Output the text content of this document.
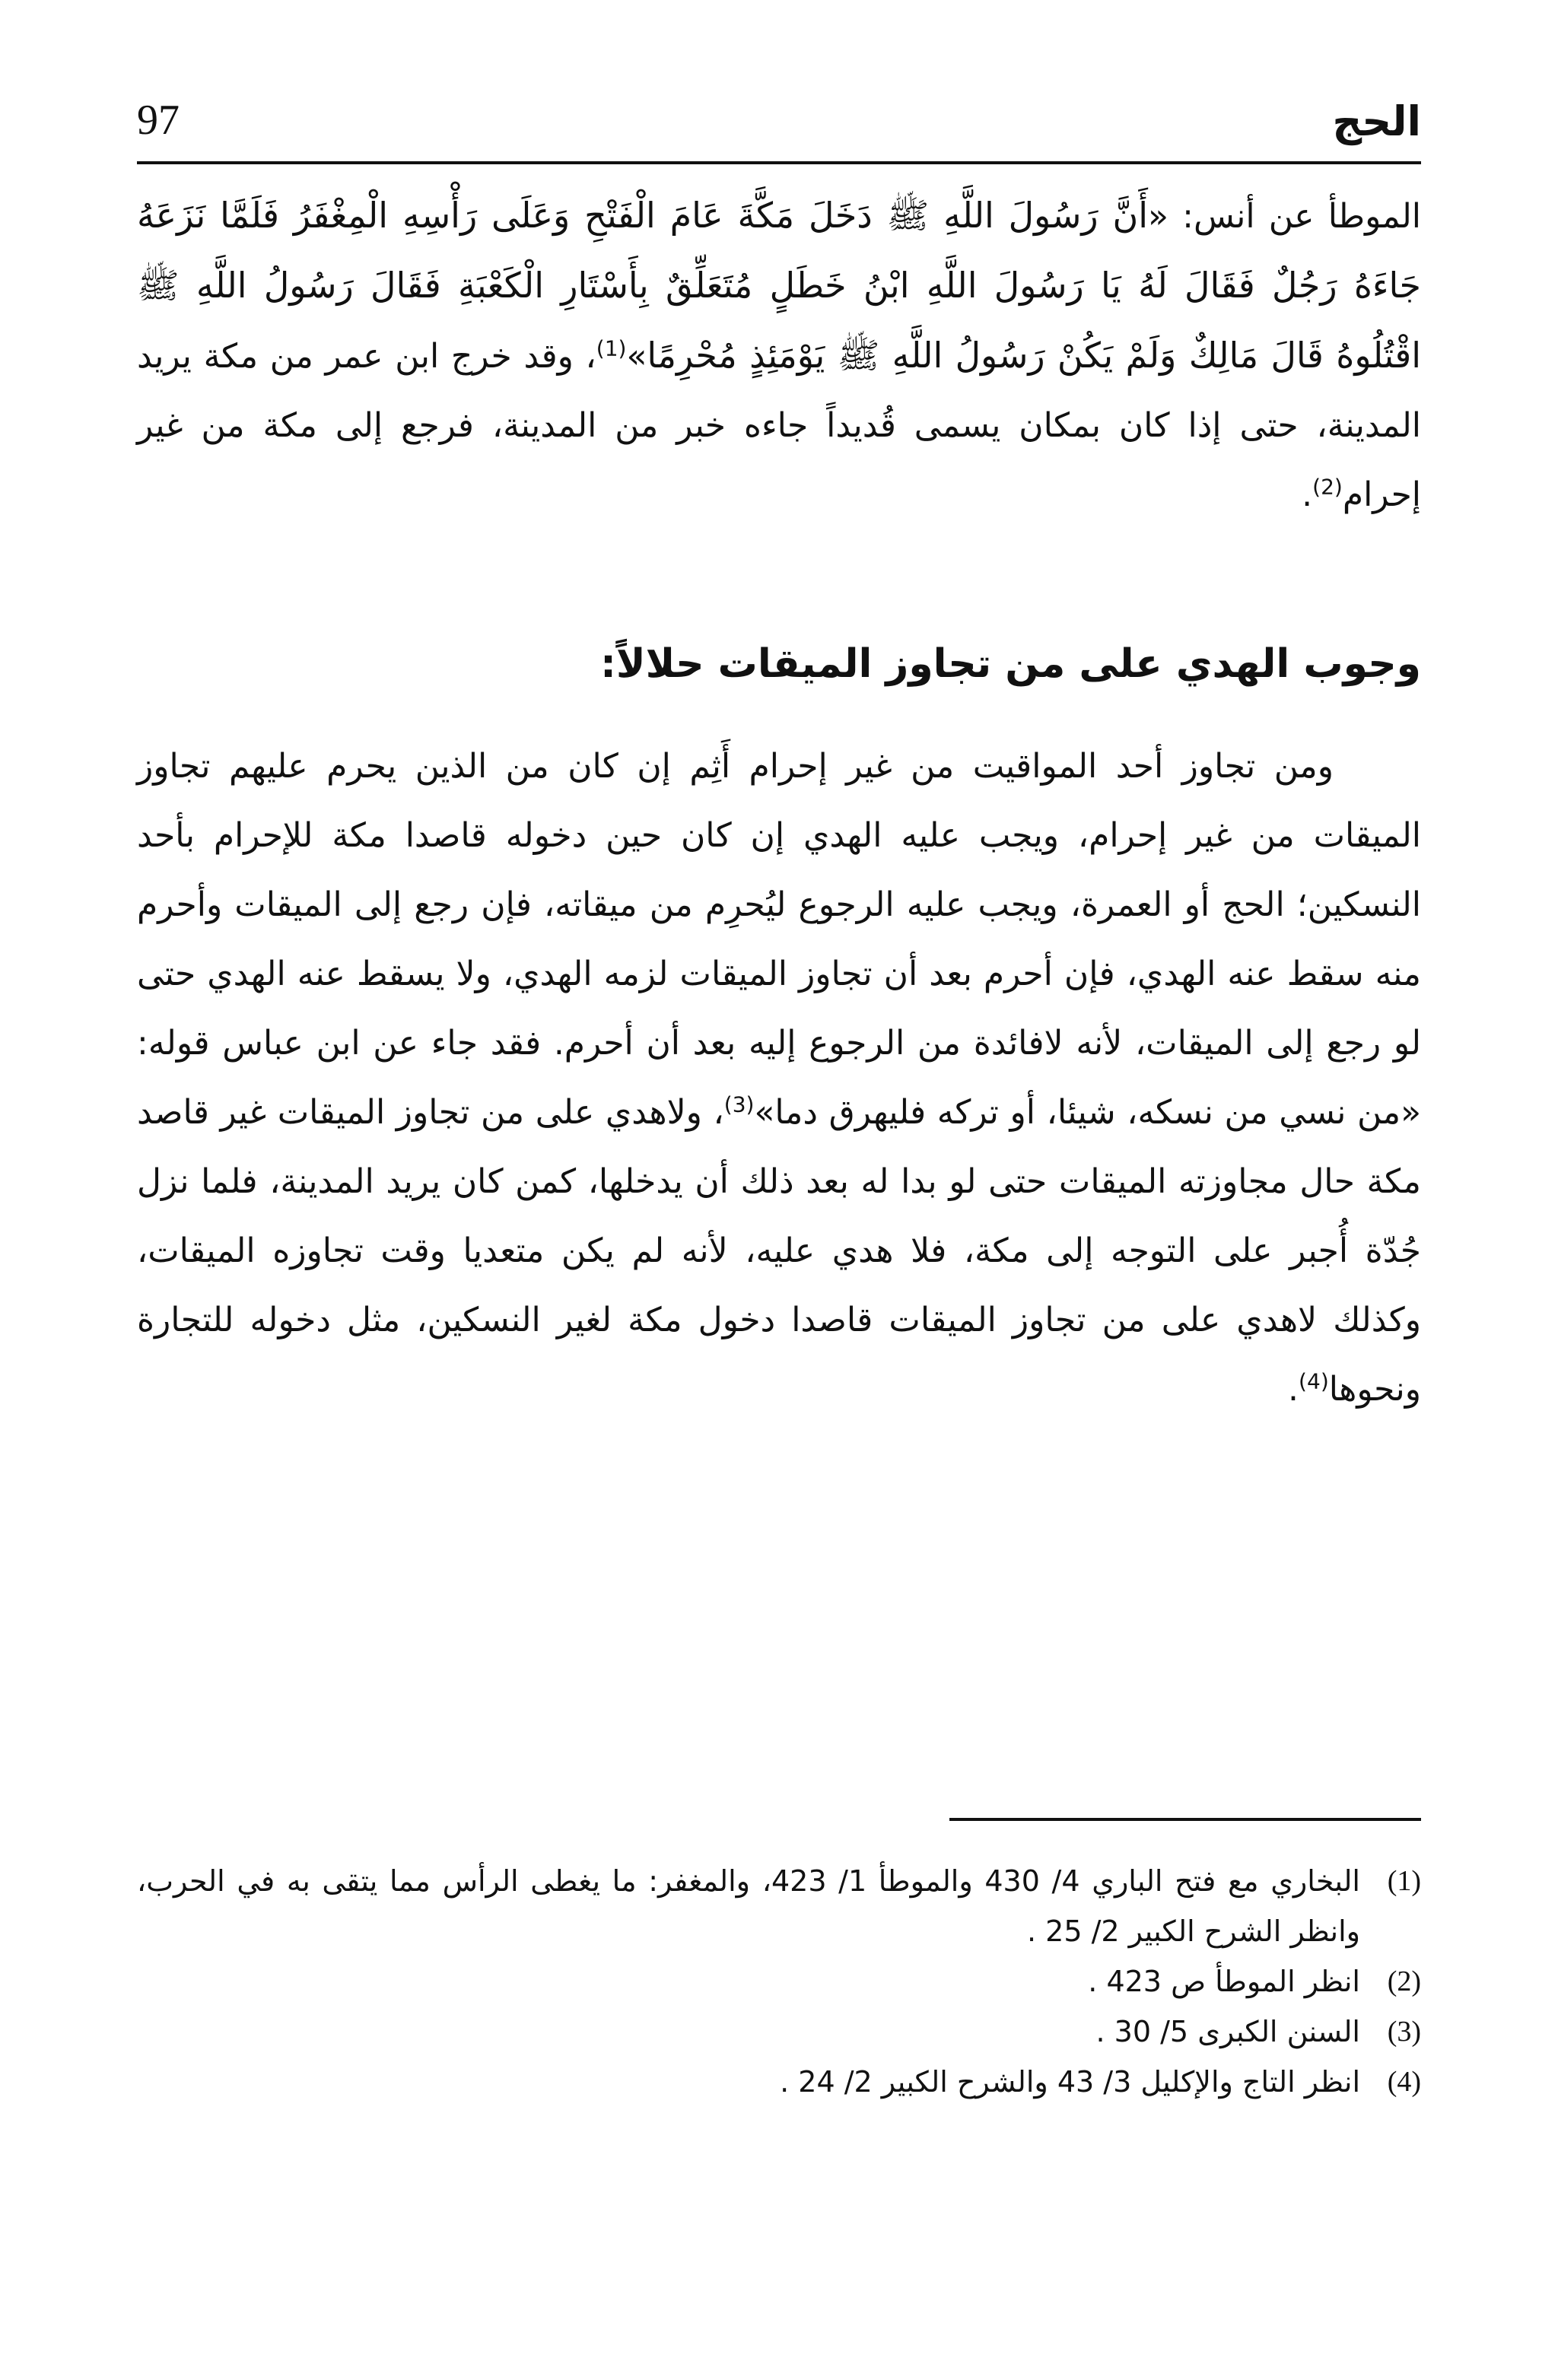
الحج
97

الموطأ عن أنس: «أَنَّ رَسُولَ اللَّهِ ﷺ دَخَلَ مَكَّةَ عَامَ الْفَتْحِ وَعَلَى رَأْسِهِ الْمِغْفَرُ فَلَمَّا نَزَعَهُ جَاءَهُ رَجُلٌ فَقَالَ لَهُ يَا رَسُولَ اللَّهِ ابْنُ خَطَلٍ مُتَعَلِّقٌ بِأَسْتَارِ الْكَعْبَةِ فَقَالَ رَسُولُ اللَّهِ ﷺ اقْتُلُوهُ قَالَ مَالِكٌ وَلَمْ يَكُنْ رَسُولُ اللَّهِ ﷺ يَوْمَئِذٍ مُحْرِمًا»$^{(1)}$، وقد خرج ابن عمر من مكة يريد المدينة، حتى إذا كان بمكان يسمى قُديداً جاءه خبر من المدينة، فرجع إلى مكة من غير إحرام$^{(2)}$.

وجوب الهدي على من تجاوز الميقات حلالاً:

ومن تجاوز أحد المواقيت من غير إحرام أَثِم إن كان من الذين يحرم عليهم تجاوز الميقات من غير إحرام، ويجب عليه الهدي إن كان حين دخوله قاصدا مكة للإحرام بأحد النسكين؛ الحج أو العمرة، ويجب عليه الرجوع ليُحرِم من ميقاته، فإن رجع إلى الميقات وأحرم منه سقط عنه الهدي، فإن أحرم بعد أن تجاوز الميقات لزمه الهدي، ولا يسقط عنه الهدي حتى لو رجع إلى الميقات، لأنه لافائدة من الرجوع إليه بعد أن أحرم. فقد جاء عن ابن عباس قوله: «من نسي من نسكه، شيئا، أو تركه فليهرق دما»$^{(3)}$، ولاهدي على من تجاوز الميقات غير قاصد مكة حال مجاوزته الميقات حتى لو بدا له بعد ذلك أن يدخلها، كمن كان يريد المدينة، فلما نزل جُدّة أُجبر على التوجه إلى مكة، فلا هدي عليه، لأنه لم يكن متعديا وقت تجاوزه الميقات، وكذلك لاهدي على من تجاوز الميقات قاصدا دخول مكة لغير النسكين، مثل دخوله للتجارة ونحوها$^{(4)}$.

(1)
البخاري مع فتح الباري 4/ 430 والموطأ 1/ 423، والمغفر: ما يغطى الرأس مما يتقى به في الحرب، وانظر الشرح الكبير 2/ 25 .
(2)
انظر الموطأ ص 423 .
(3)
السنن الكبرى 5/ 30 .
(4)
انظر التاج والإكليل 3/ 43 والشرح الكبير 2/ 24 .
